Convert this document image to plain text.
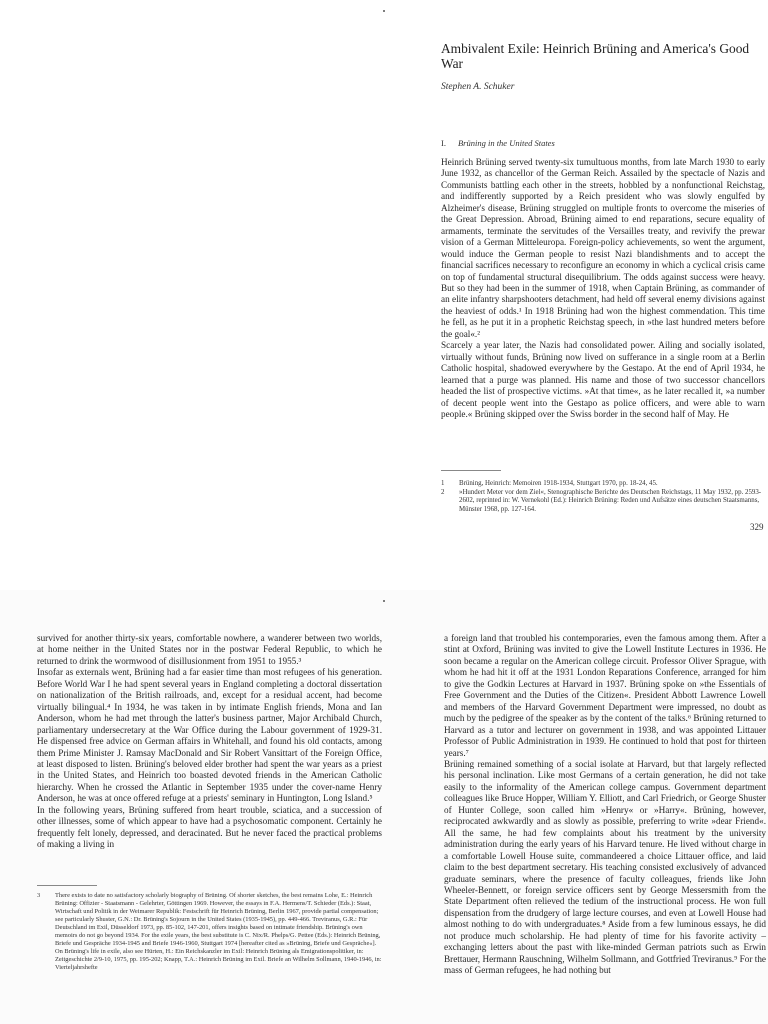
Ambivalent Exile: Heinrich Brüning and America's Good War

Stephen A. Schuker

I. Brüning in the United States

Heinrich Brüning served twenty-six tumultuous months, from late March 1930 to early June 1932, as chancellor of the German Reich. Assailed by the spectacle of Nazis and Communists battling each other in the streets, hobbled by a nonfunctional Reichstag, and indifferently supported by a Reich president who was slowly engulfed by Alzheimer's disease, Brüning struggled on multiple fronts to overcome the miseries of the Great Depression. Abroad, Brüning aimed to end reparations, secure equality of armaments, terminate the servitudes of the Versailles treaty, and revivify the prewar vision of a German Mitteleuropa. Foreign-policy achievements, so went the argument, would induce the German people to resist Nazi blandishments and to accept the financial sacrifices necessary to reconfigure an economy in which a cyclical crisis came on top of fundamental structural disequilibrium. The odds against success were heavy. But so they had been in the summer of 1918, when Captain Brüning, as commander of an elite infantry sharpshooters detachment, had held off several enemy divisions against the heaviest of odds.¹ In 1918 Brüning had won the highest commendation. This time he fell, as he put it in a prophetic Reichstag speech, in »the last hundred meters before the goal«.²

Scarcely a year later, the Nazis had consolidated power. Ailing and socially isolated, virtually without funds, Brüning now lived on sufferance in a single room at a Berlin Catholic hospital, shadowed everywhere by the Gestapo. At the end of April 1934, he learned that a purge was planned. His name and those of two successor chancellors headed the list of prospective victims. »At that time«, as he later recalled it, »a number of decent people went into the Gestapo as police officers, and were able to warn people.« Brüning skipped over the Swiss border in the second half of May. He

1	Brüning, Heinrich: Memoiren 1918-1934, Stuttgart 1970, pp. 18-24, 45.

2	»Hundert Meter vor dem Ziel«, Stenographische Berichte des Deutschen Reichstags, 11 May 1932, pp. 2593-2602, reprinted in: W. Vernekohl (Ed.): Heinrich Brüning: Reden und Aufsätze eines deutschen Staatsmanns, Münster 1968, pp. 127-164.

329

survived for another thirty-six years, comfortable nowhere, a wanderer between two worlds, at home neither in the United States nor in the postwar Federal Republic, to which he returned to drink the wormwood of disillusionment from 1951 to 1955.³

Insofar as externals went, Brüning had a far easier time than most refugees of his generation. Before World War I he had spent several years in England completing a doctoral dissertation on nationalization of the British railroads, and, except for a residual accent, had become virtually bilingual.⁴ In 1934, he was taken in by intimate English friends, Mona and Ian Anderson, whom he had met through the latter's business partner, Major Archibald Church, parliamentary undersecretary at the War Office during the Labour government of 1929-31. He dispensed free advice on German affairs in Whitehall, and found his old contacts, among them Prime Minister J. Ramsay MacDonald and Sir Robert Vansittart of the Foreign Office, at least disposed to listen. Brüning's beloved elder brother had spent the war years as a priest in the United States, and Heinrich too boasted devoted friends in the American Catholic hierarchy. When he crossed the Atlantic in September 1935 under the cover-name Henry Anderson, he was at once offered refuge at a priests' seminary in Huntington, Long Island.⁵

In the following years, Brüning suffered from heart trouble, sciatica, and a succession of other illnesses, some of which appear to have had a psychosomatic component. Certainly he frequently felt lonely, depressed, and deracinated. But he never faced the practical problems of making a living in

3	There exists to date no satisfactory scholarly biography of Brüning. Of shorter sketches, the best remains Lohe, E.: Heinrich Brüning: Offizier - Staatsmann - Gelehrter, Göttingen 1969. However, the essays in F.A. Hermens/T. Schieder (Eds.): Staat, Wirtschaft und Politik in der Weimarer Republik: Festschrift für Heinrich Brüning, Berlin 1967, provide partial compensation; see particularly Shuster, G.N.: Dr. Brüning's Sojourn in the United States (1935-1945), pp. 449-466. Treviranus, G.R.: Für Deutschland im Exil, Düsseldorf 1973, pp. 85-102, 147-201, offers insights based on intimate friendship. Brüning's own memoirs do not go beyond 1934. For the exile years, the best substitute is C. Nix/R. Phelps/G. Pettee (Eds.): Heinrich Brüning, Briefe und Gespräche 1934-1945 and Briefe 1946-1960, Stuttgart 1974 [hereafter cited as »Brüning, Briefe und Gespräche«]. On Brüning's life in exile, also see Hürten, H.: Ein Reichskanzler im Exil: Heinrich Brüning als Emigrationspolitiker, in: Zeitgeschichte 2/9-10, 1975, pp. 195-202; Knapp, T.A.: Heinrich Brüning im Exil. Briefe an Wilhelm Sollmann, 1940-1946, in: Vierteljahrshefte

a foreign land that troubled his contemporaries, even the famous among them. After a stint at Oxford, Brüning was invited to give the Lowell Institute Lectures in 1936. He soon became a regular on the American college circuit. Professor Oliver Sprague, with whom he had hit it off at the 1931 London Reparations Conference, arranged for him to give the Godkin Lectures at Harvard in 1937. Brüning spoke on »the Essentials of Free Government and the Duties of the Citizen«. President Abbott Lawrence Lowell and members of the Harvard Government Department were impressed, no doubt as much by the pedigree of the speaker as by the content of the talks.⁶ Brüning returned to Harvard as a tutor and lecturer on government in 1938, and was appointed Littauer Professor of Public Administration in 1939. He continued to hold that post for thirteen years.⁷

Brüning remained something of a social isolate at Harvard, but that largely reflected his personal inclination. Like most Germans of a certain generation, he did not take easily to the informality of the American college campus. Government department colleagues like Bruce Hopper, William Y. Elliott, and Carl Friedrich, or George Shuster of Hunter College, soon called him »Henry« or »Harry«. Brüning, however, reciprocated awkwardly and as slowly as possible, preferring to write »dear Friend«. All the same, he had few complaints about his treatment by the university administration during the early years of his Harvard tenure. He lived without charge in a comfortable Lowell House suite, commandeered a choice Littauer office, and laid claim to the best department secretary. His teaching consisted exclusively of advanced graduate seminars, where the presence of faculty colleagues, friends like John Wheeler-Bennett, or foreign service officers sent by George Messersmith from the State Department often relieved the tedium of the instructional process. He won full dispensation from the drudgery of large lecture courses, and even at Lowell House had almost nothing to do with undergraduates.⁸ Aside from a few luminous essays, he did not produce much scholarship. He had plenty of time for his favorite activity – exchanging letters about the past with like-minded German patriots such as Erwin Brettauer, Hermann Rauschning, Wilhelm Sollmann, and Gottfried Treviranus.⁹ For the mass of German refugees, he had nothing but
